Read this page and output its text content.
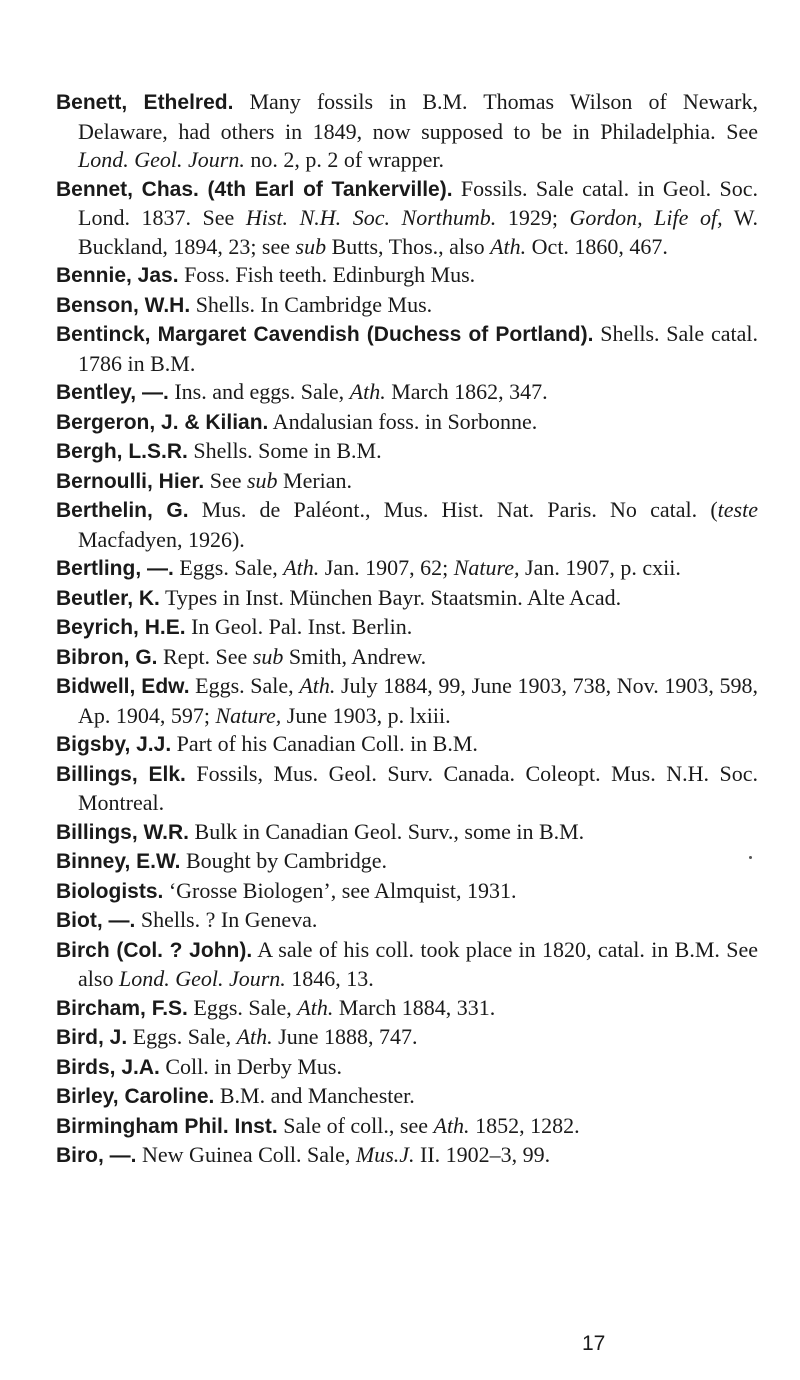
Benett, Ethelred. Many fossils in B.M. Thomas Wilson of Newark, Delaware, had others in 1849, now supposed to be in Philadelphia. See Lond. Geol. Journ. no. 2, p. 2 of wrapper.

Bennet, Chas. (4th Earl of Tankerville). Fossils. Sale catal. in Geol. Soc. Lond. 1837. See Hist. N.H. Soc. Northumb. 1929; Gordon, Life of, W. Buckland, 1894, 23; see sub Butts, Thos., also Ath. Oct. 1860, 467.

Bennie, Jas. Foss. Fish teeth. Edinburgh Mus.

Benson, W.H. Shells. In Cambridge Mus.

Bentinck, Margaret Cavendish (Duchess of Portland). Shells. Sale catal. 1786 in B.M.

Bentley, —. Ins. and eggs. Sale, Ath. March 1862, 347.

Bergeron, J. & Kilian. Andalusian foss. in Sorbonne.

Bergh, L.S.R. Shells. Some in B.M.

Bernoulli, Hier. See sub Merian.

Berthelin, G. Mus. de Paléont., Mus. Hist. Nat. Paris. No catal. (teste Macfadyen, 1926).

Bertling, —. Eggs. Sale, Ath. Jan. 1907, 62; Nature, Jan. 1907, p. cxii.

Beutler, K. Types in Inst. München Bayr. Staatsmin. Alte Acad.

Beyrich, H.E. In Geol. Pal. Inst. Berlin.

Bibron, G. Rept. See sub Smith, Andrew.

Bidwell, Edw. Eggs. Sale, Ath. July 1884, 99, June 1903, 738, Nov. 1903, 598, Ap. 1904, 597; Nature, June 1903, p. lxiii.

Bigsby, J.J. Part of his Canadian Coll. in B.M.

Billings, Elk. Fossils, Mus. Geol. Surv. Canada. Coleopt. Mus. N.H. Soc. Montreal.

Billings, W.R. Bulk in Canadian Geol. Surv., some in B.M.

Binney, E.W. Bought by Cambridge.

Biologists. ‘Grosse Biologen’, see Almquist, 1931.

Biot, —. Shells. ? In Geneva.

Birch (Col. ? John). A sale of his coll. took place in 1820, catal. in B.M. See also Lond. Geol. Journ. 1846, 13.

Bircham, F.S. Eggs. Sale, Ath. March 1884, 331.

Bird, J. Eggs. Sale, Ath. June 1888, 747.

Birds, J.A. Coll. in Derby Mus.

Birley, Caroline. B.M. and Manchester.

Birmingham Phil. Inst. Sale of coll., see Ath. 1852, 1282.

Biro, —. New Guinea Coll. Sale, Mus.J. II. 1902–3, 99.

17
